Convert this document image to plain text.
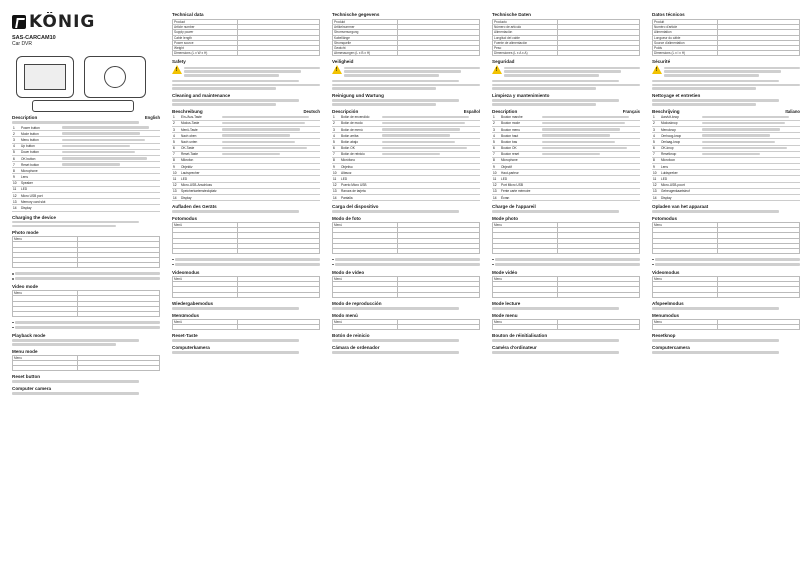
KÖNIG
SAS-CARCAM10
Car DVR
Description	English
1	Power button	
2	Mode button	
3	Menu button	
4	Up button	
5	Down button	
6	OK button	
7	Reset button	
8	Microphone	
9	Lens	
10	Speaker	
11	LED	
12	Micro USB port	
13	Memory card slot	
14	Display	
Charging the device
Photo mode
Menu	

Video mode
Menu	

Playback mode
Menu mode
Menu	

Reset button
Computer camera
Technical data
Product	
Article number	
Supply power	
Cable length	
Power source	
Weight	
Dimensions (L x W x H)	
Safety
!
Cleaning and maintenance
Beschreibung	Deutsch
1	Ein-/Aus-Taste	
2	Modus-Taste	
3	Menü-Taste	
4	Nach oben	
5	Nach unten	
6	OK-Taste	
7	Reset-Taste	
8	Mikrofon	
9	Objektiv	
10	Lautsprecher	
11	LED	
12	Micro-USB-Anschluss	
13	Speicherkartensteckplatz	
14	Display	
Aufladen des Geräts
Fotomodus
Menü	

Videomodus
Menü	

Wiedergabemodus
Menümodus
Menü	

Reset-Taste
Computerkamera
Technische gegevens
Produkt	
Artikelnummer	
Stromversorgung	
Kabellänge	
Stromquelle	
Gewicht	
Abmessungen (L x B x H)	
Veiligheid
!
Reinigung und Wartung
Descripción	Español
1	Botón de encendido	
2	Botón de modo	
3	Botón de menú	
4	Botón arriba	
5	Botón abajo	
6	Botón OK	
7	Botón de reinicio	
8	Micrófono	
9	Objetivo	
10	Altavoz	
11	LED	
12	Puerto Micro USB	
13	Ranura de tarjeta	
14	Pantalla	
Carga del dispositivo
Modo de foto
Menú	

Modo de vídeo
Menú	

Modo de reproducción
Modo menú
Menú	

Botón de reinicio
Cámara de ordenador
Technische Daten
Producto	
Número de artículo	
Alimentación	
Longitud del cable	
Fuente de alimentación	
Peso	
Dimensiones (L x A x A)	
Seguridad
!
Limpieza y mantenimiento
Description	Français
1	Bouton marche	
2	Bouton mode	
3	Bouton menu	
4	Bouton haut	
5	Bouton bas	
6	Bouton OK	
7	Bouton reset	
8	Microphone	
9	Objectif	
10	Haut-parleur	
11	LED	
12	Port Micro USB	
13	Fente carte mémoire	
14	Écran	
Charge de l'appareil
Mode photo
Menu	

Mode vidéo
Menu	

Mode lecture
Mode menu
Menu	

Bouton de réinitialisation
Caméra d'ordinateur
Datos técnicos
Produit	
Numéro d'article	
Alimentation	
Longueur du câble	
Source d'alimentation	
Poids	
Dimensions (L x l x H)	
Sécurité
!
Nettoyage et entretien
Beschrijving	Italiano
1	Aan/uit-knop	
2	Modusknop	
3	Menuknop	
4	Omhoog-knop	
5	Omlaag-knop	
6	OK-knop	
7	Resetknop	
8	Microfoon	
9	Lens	
10	Luidspreker	
11	LED	
12	Micro-USB-poort	
13	Geheugenkaartsleuf	
14	Display	
Opladen van het apparaat
Fotomodus
Menu	

Videomodus
Menu	

Afspeelmodus
Menumodus
Menu	

Resetknop
Computercamera
